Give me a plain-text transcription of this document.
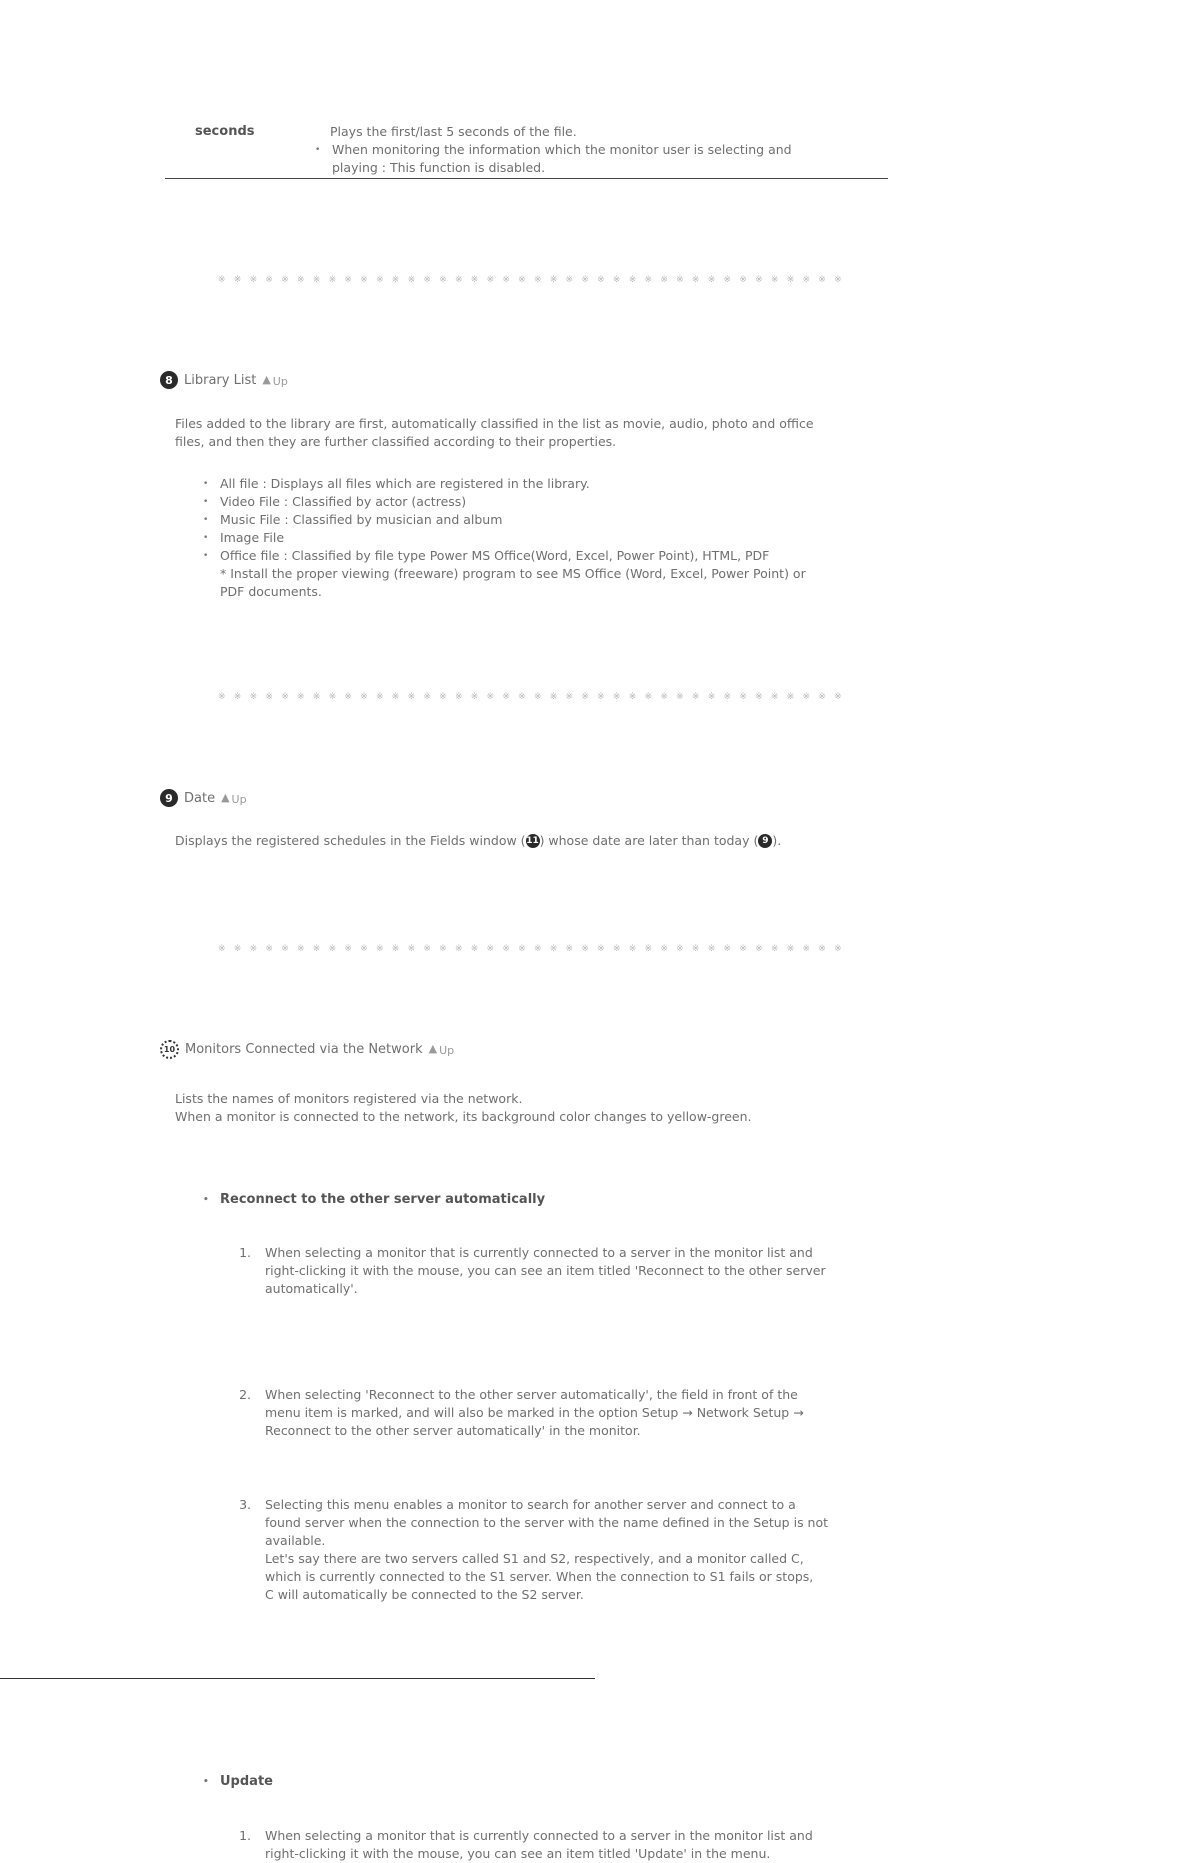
seconds	Plays the first/last 5 seconds of the file.
• When monitoring the information which the monitor user is selecting and
playing : This function is disabled.
※ ※ ※ ※ ※ ※ ※ ※ ※ ※ ※ ※ ※ ※ ※ ※ ※ ※ ※ ※ ※ ※ ※ ※ ※ ※ ※ ※ ※ ※ ※ ※ ※ ※ ※ ※ ※ ※ ※ ※
8 Library List ▲ Up

Files added to the library are first, automatically classified in the list as movie, audio, photo and office

files, and then they are further classified according to their properties.

• All file : Displays all files which are registered in the library.
• Video File : Classified by actor (actress)
• Music File : Classified by musician and album
• Image File
• Office file : Classified by file type Power MS Office(Word, Excel, Power Point), HTML, PDF
* Install the proper viewing (freeware) program to see MS Office (Word, Excel, Power Point) or
PDF documents.
※ ※ ※ ※ ※ ※ ※ ※ ※ ※ ※ ※ ※ ※ ※ ※ ※ ※ ※ ※ ※ ※ ※ ※ ※ ※ ※ ※ ※ ※ ※ ※ ※ ※ ※ ※ ※ ※ ※ ※
9 Date ▲ Up
Displays the registered schedules in the Fields window ( 11 ) whose date are later than today ( 9 ).
※ ※ ※ ※ ※ ※ ※ ※ ※ ※ ※ ※ ※ ※ ※ ※ ※ ※ ※ ※ ※ ※ ※ ※ ※ ※ ※ ※ ※ ※ ※ ※ ※ ※ ※ ※ ※ ※ ※ ※
10 Monitors Connected via the Network ▲ Up

Lists the names of monitors registered via the network.

When a monitor is connected to the network, its background color changes to yellow-green.

• Reconnect to the other server automatically
1. When selecting a monitor that is currently connected to a server in the monitor list and
right-clicking it with the mouse, you can see an item titled 'Reconnect to the other server
automatically'.
2. When selecting 'Reconnect to the other server automatically', the field in front of the
menu item is marked, and will also be marked in the option Setup → Network Setup →
Reconnect to the other server automatically' in the monitor.
3. Selecting this menu enables a monitor to search for another server and connect to a
found server when the connection to the server with the name defined in the Setup is not
available.
Let's say there are two servers called S1 and S2, respectively, and a monitor called C,
which is currently connected to the S1 server. When the connection to S1 fails or stops,
C will automatically be connected to the S2 server.
• Update
1. When selecting a monitor that is currently connected to a server in the monitor list and
right-clicking it with the mouse, you can see an item titled 'Update' in the menu.
